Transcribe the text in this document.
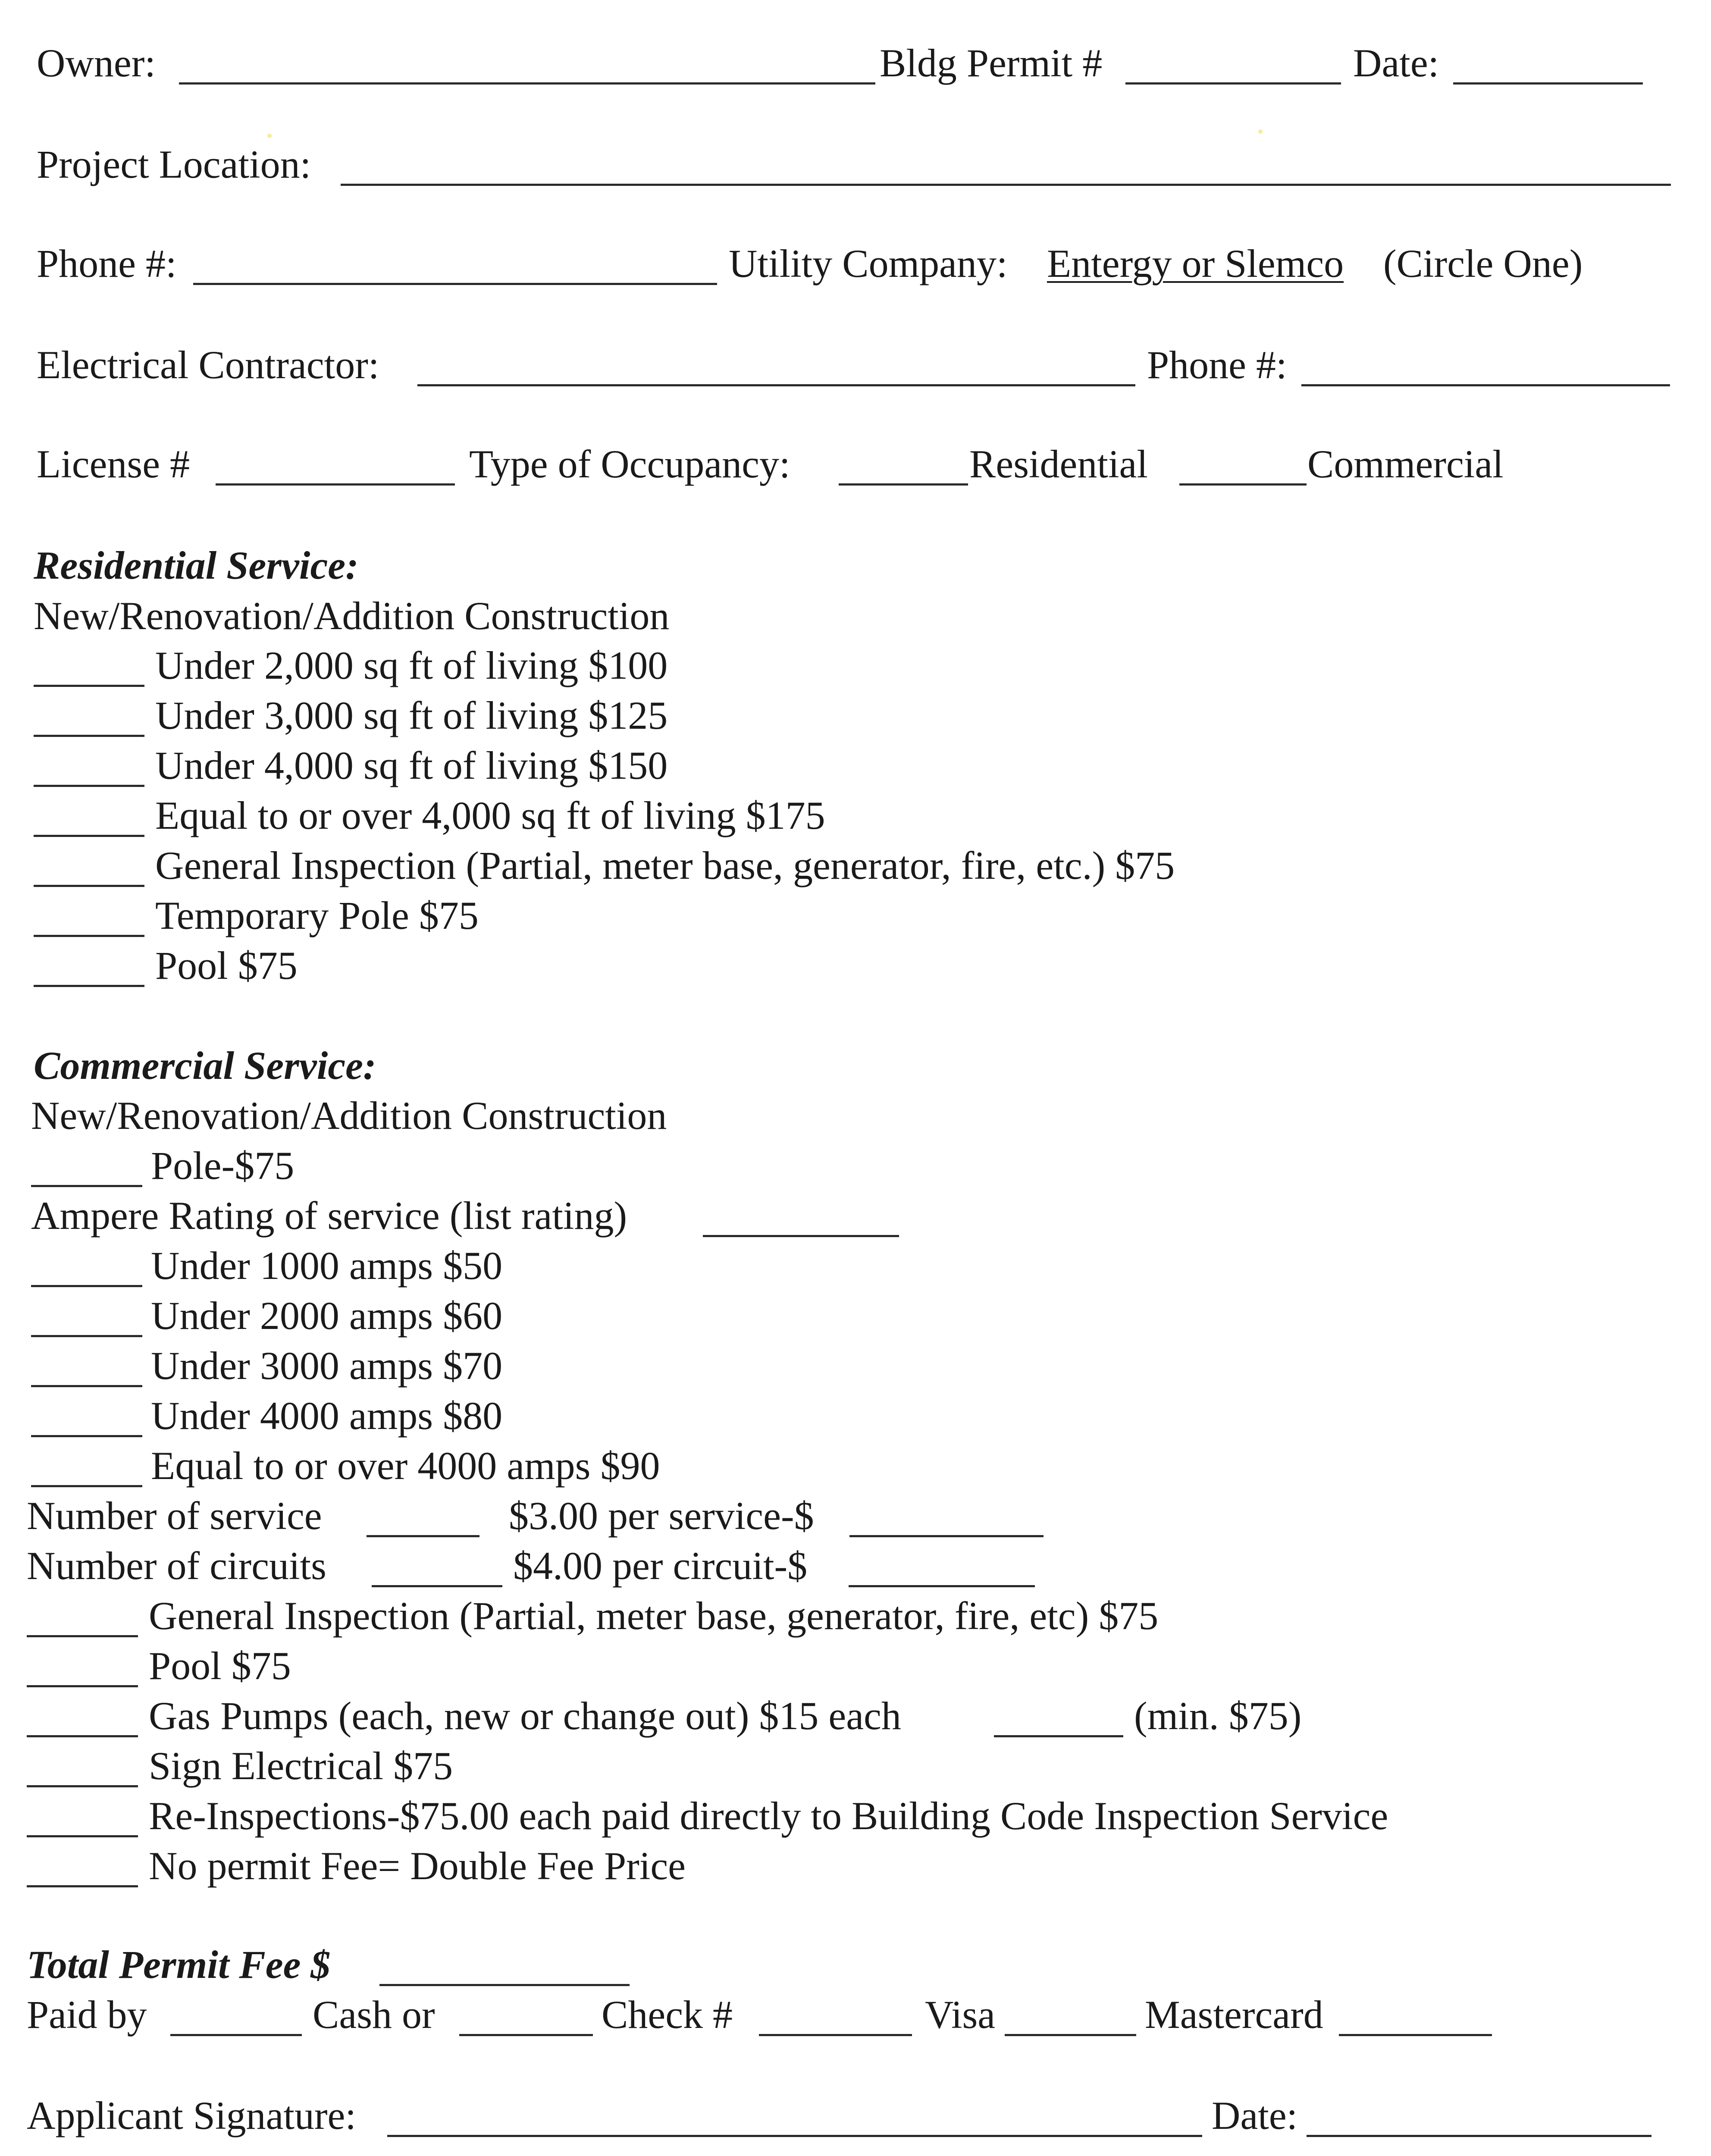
Owner:	Bldg Permit #	Date:
Project Location:
Phone #:	Utility Company: Entergy or Slemco (Circle One)
Electrical Contractor:	Phone #:
License #	Type of Occupancy:	Residential	Commercial
Residential Service:
New/Renovation/Addition Construction
Under 2,000 sq ft of living $100
Under 3,000 sq ft of living $125
Under 4,000 sq ft of living $150
Equal to or over 4,000 sq ft of living $175
General Inspection (Partial, meter base, generator, fire, etc.) $75
Temporary Pole $75
Pool $75
Commercial Service:
New/Renovation/Addition Construction
Pole-$75
Ampere Rating of service (list rating)
Under 1000 amps $50
Under 2000 amps $60
Under 3000 amps $70
Under 4000 amps $80
Equal to or over 4000 amps $90
Number of service	$3.00 per service-$
Number of circuits	$4.00 per circuit-$
General Inspection (Partial, meter base, generator, fire, etc) $75
Pool $75
Gas Pumps (each, new or change out) $15 each	(min. $75)
Sign Electrical $75
Re-Inspections-$75.00 each paid directly to Building Code Inspection Service
No permit Fee= Double Fee Price
Total Permit Fee $
Paid by	Cash or	Check #	Visa	Mastercard
Applicant Signature:	Date:
